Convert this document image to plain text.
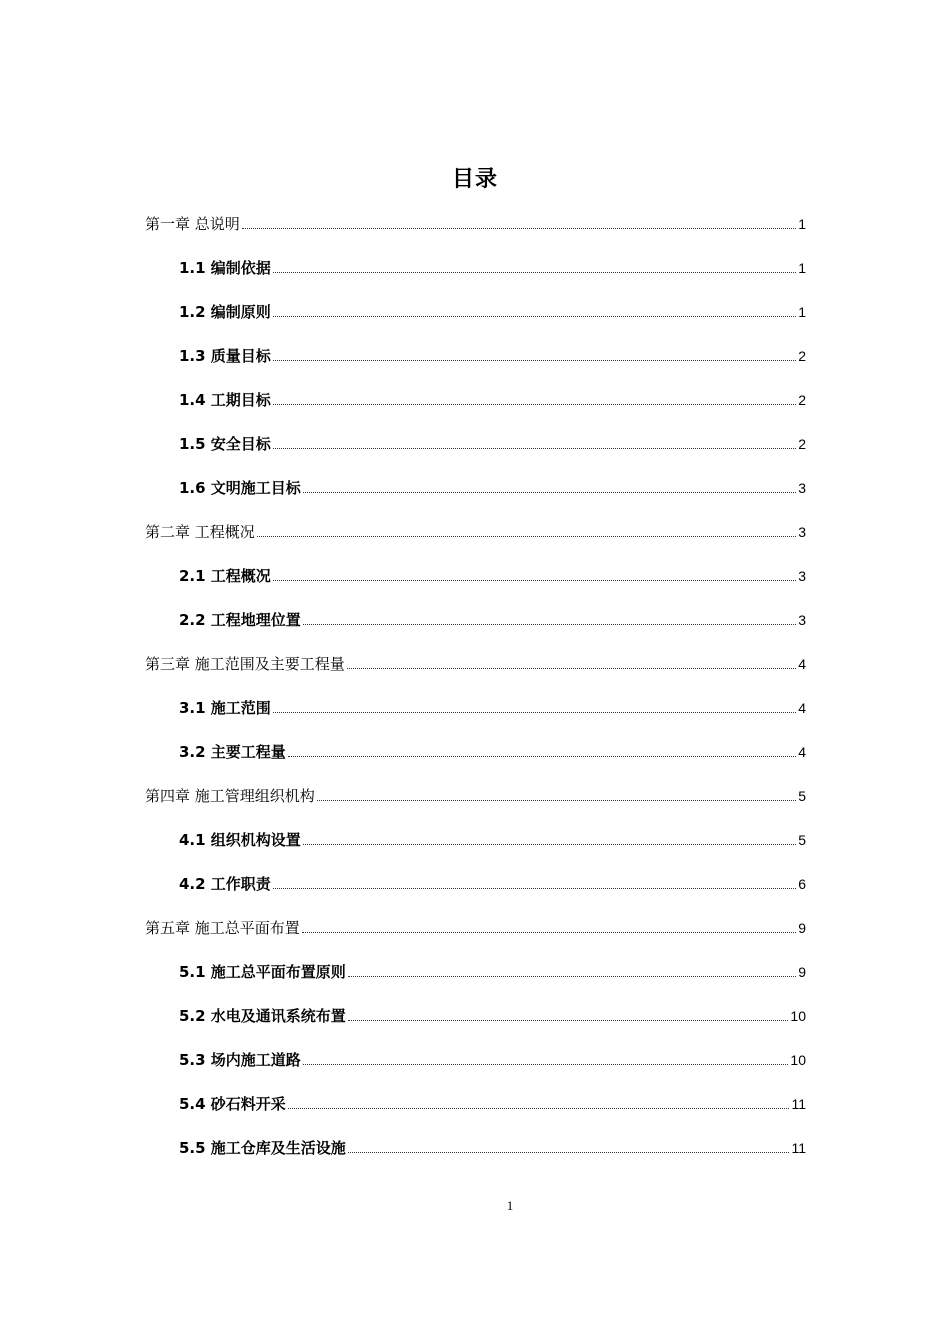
目录
第一章 总说明	1
1.1 编制依据	1
1.2 编制原则	1
1.3 质量目标	2
1.4 工期目标	2
1.5 安全目标	2
1.6 文明施工目标	3
第二章 工程概况	3
2.1 工程概况	3
2.2 工程地理位置	3
第三章 施工范围及主要工程量	4
3.1 施工范围	4
3.2 主要工程量	4
第四章 施工管理组织机构	5
4.1 组织机构设置	5
4.2 工作职责	6
第五章 施工总平面布置	9
5.1 施工总平面布置原则	9
5.2 水电及通讯系统布置	10
5.3 场内施工道路	10
5.4 砂石料开采	11
5.5 施工仓库及生活设施	11
1
